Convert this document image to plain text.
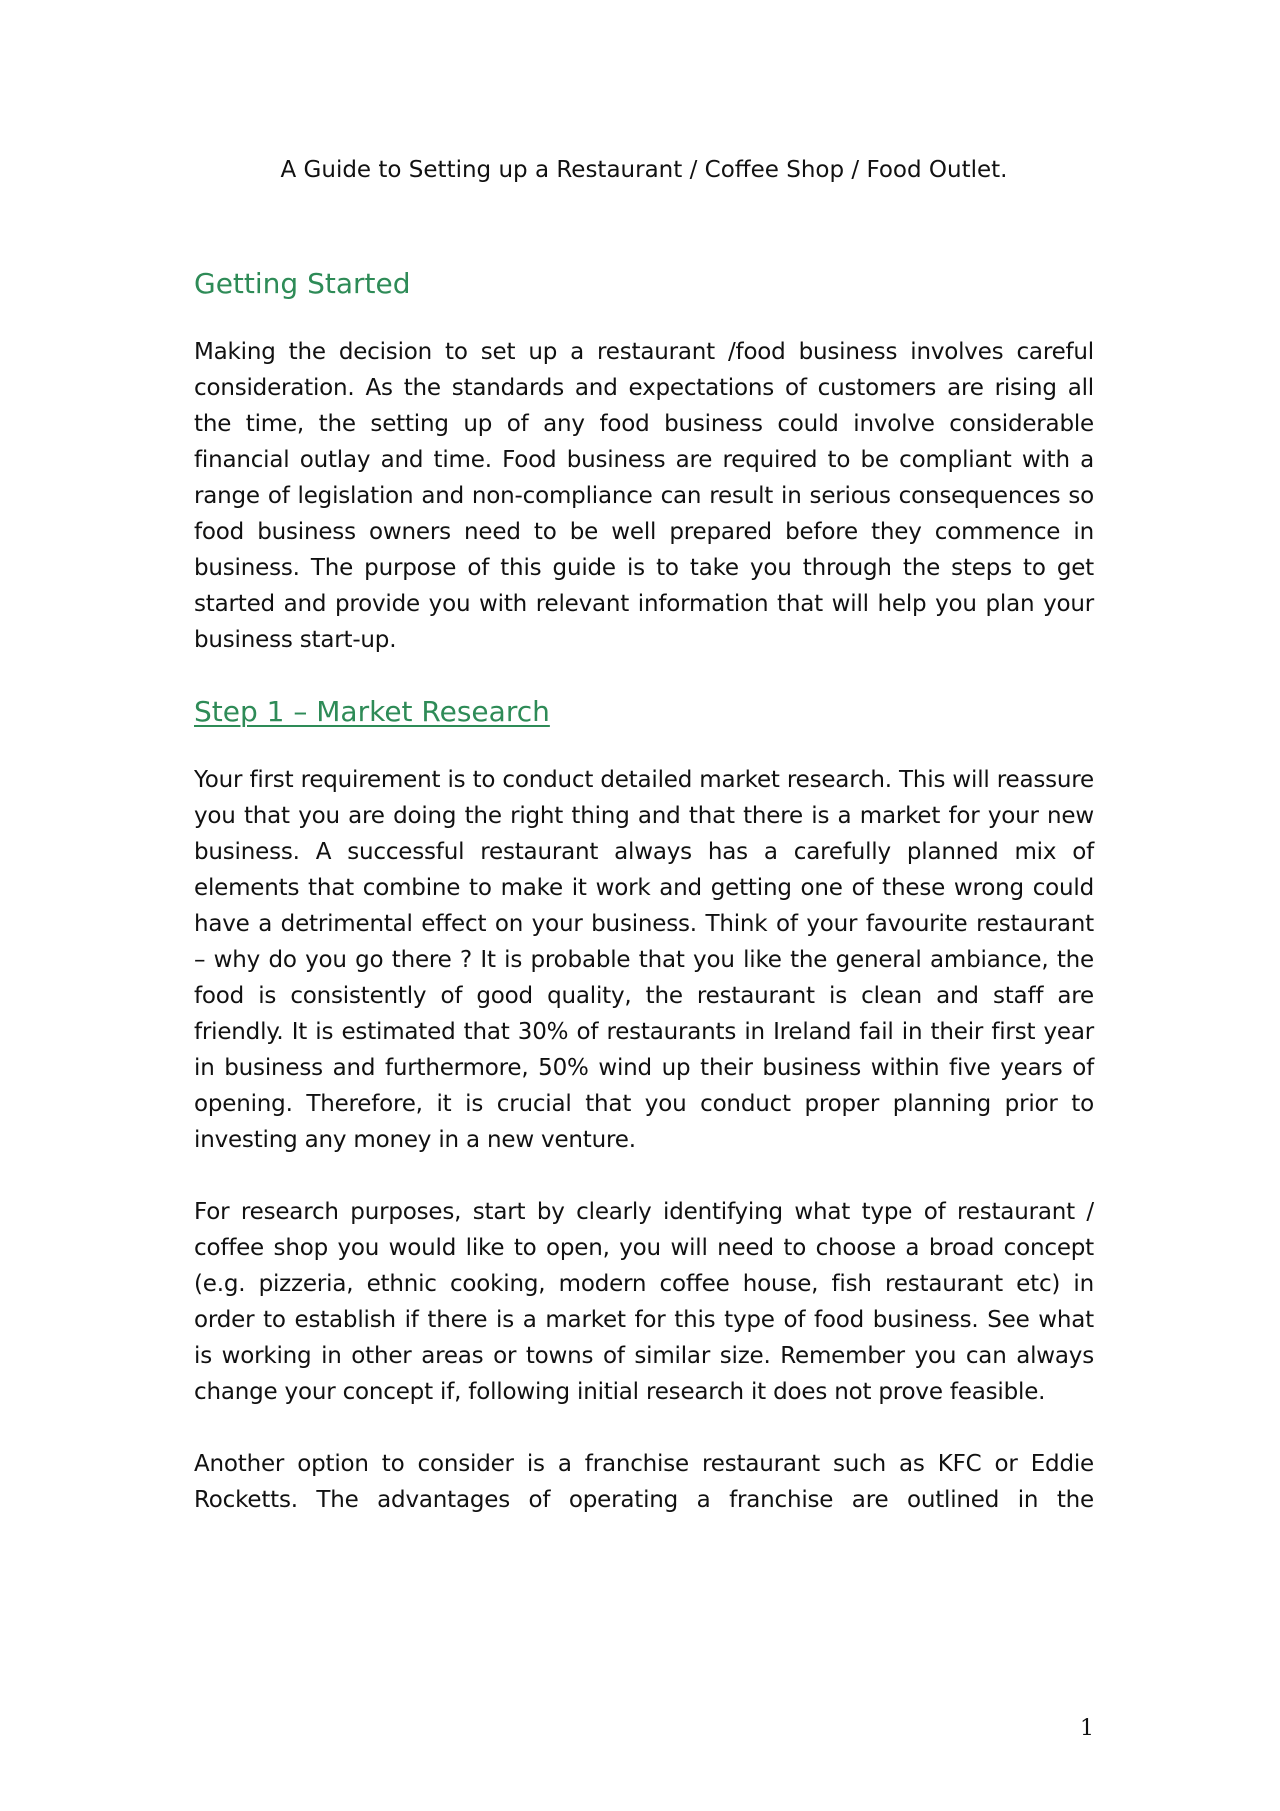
A Guide to Setting up a Restaurant / Coffee Shop / Food Outlet.
Getting Started

Making the decision to set up a restaurant /food business involves careful consideration. As the standards and expectations of customers are rising all the time, the setting up of any food business could involve considerable financial outlay and time. Food business are required to be compliant with a range of legislation and non-compliance can result in serious consequences so food business owners need to be well prepared before they commence in business. The purpose of this guide is to take you through the steps to get started and provide you with relevant information that will help you plan your business start-up.

Step 1 – Market Research

Your first requirement is to conduct detailed market research. This will reassure you that you are doing the right thing and that there is a market for your new business. A successful restaurant always has a carefully planned mix of elements that combine to make it work and getting one of these wrong could have a detrimental effect on your business. Think of your favourite restaurant – why do you go there ? It is probable that you like the general ambiance, the food is consistently of good quality, the restaurant is clean and staff are friendly. It is estimated that 30% of restaurants in Ireland fail in their first year in business and furthermore, 50% wind up their business within five years of opening. Therefore, it is crucial that you conduct proper planning prior to investing any money in a new venture.

For research purposes, start by clearly identifying what type of restaurant / coffee shop you would like to open, you will need to choose a broad concept (e.g. pizzeria, ethnic cooking, modern coffee house, fish restaurant etc) in order to establish if there is a market for this type of food business. See what is working in other areas or towns of similar size. Remember you can always change your concept if, following initial research it does not prove feasible.

Another option to consider is a franchise restaurant such as KFC or Eddie Rocketts. The advantages of operating a franchise are outlined in the

1
